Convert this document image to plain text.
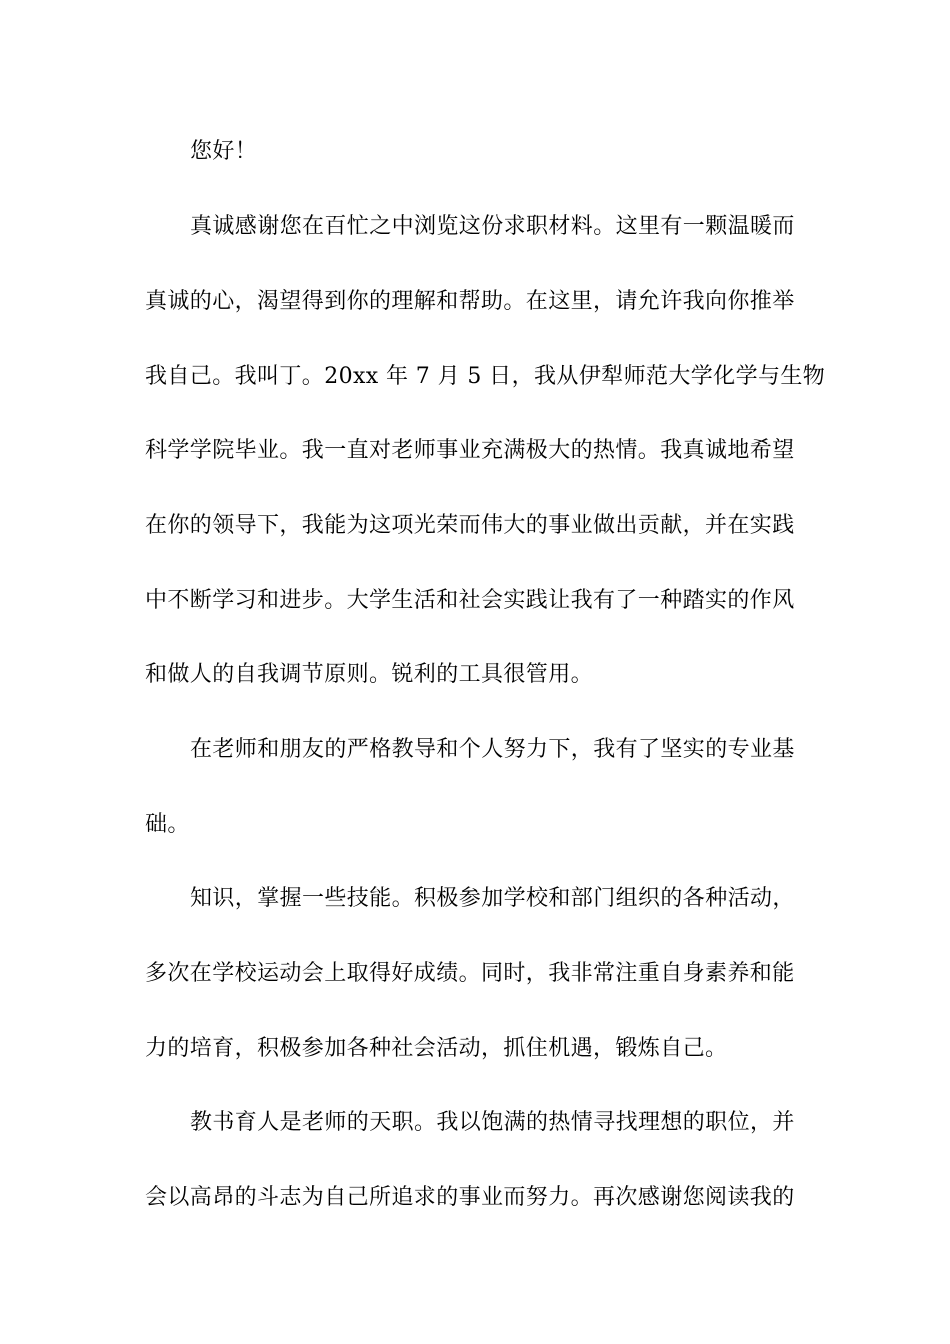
您好！
真诚感谢您在百忙之中浏览这份求职材料。这里有一颗温暖而
真诚的心，渴望得到你的理解和帮助。在这里，请允许我向你推举
我自己。我叫丁。20xx 年 7 月 5 日，我从伊犁师范大学化学与生物
科学学院毕业。我一直对老师事业充满极大的热情。我真诚地希望
在你的领导下，我能为这项光荣而伟大的事业做出贡献，并在实践
中不断学习和进步。大学生活和社会实践让我有了一种踏实的作风
和做人的自我调节原则。锐利的工具很管用。
在老师和朋友的严格教导和个人努力下，我有了坚实的专业基
础。
知识，掌握一些技能。积极参加学校和部门组织的各种活动，
多次在学校运动会上取得好成绩。同时，我非常注重自身素养和能
力的培育，积极参加各种社会活动，抓住机遇，锻炼自己。
教书育人是老师的天职。我以饱满的热情寻找理想的职位，并
会以高昂的斗志为自己所追求的事业而努力。再次感谢您阅读我的
